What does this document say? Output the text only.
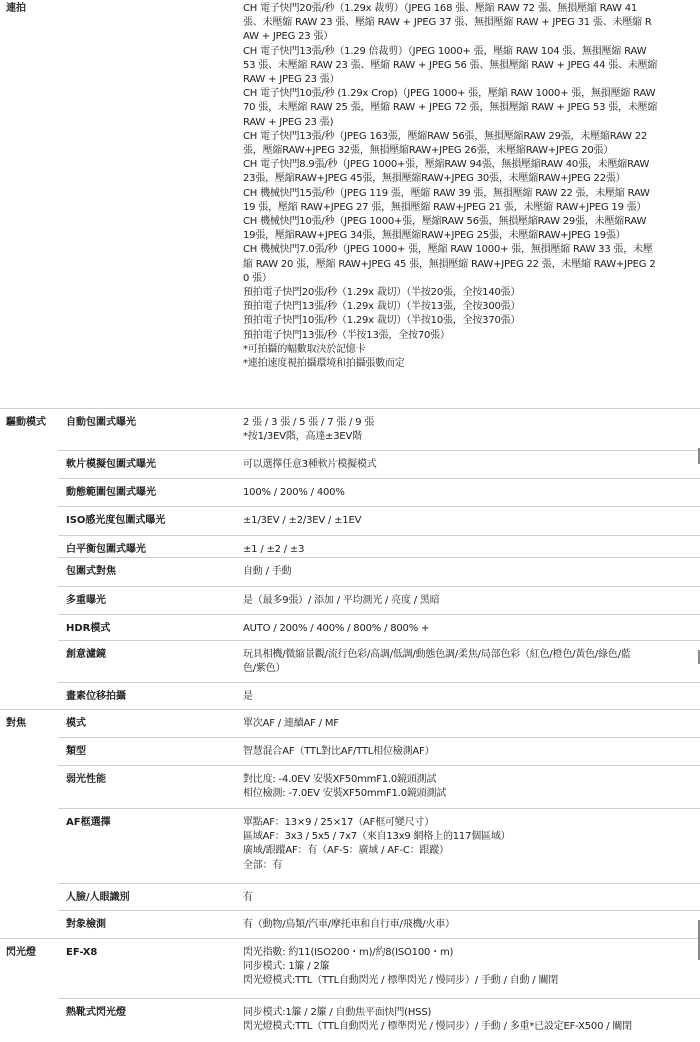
連拍	CH 電子快門20張/秒（1.29x 裁剪）（JPEG 168 張、壓縮 RAW 72 張、無損壓縮 RAW 41

張、未壓縮 RAW 23 張、壓縮 RAW + JPEG 37 張、無損壓縮 RAW + JPEG 31 張、未壓縮 R

AW + JPEG 23 張）

CH 電子快門13張/秒（1.29 倍裁剪）（JPEG 1000+ 張，壓縮 RAW 104 張、無損壓縮 RAW

53 張、未壓縮 RAW 23 張、壓縮 RAW + JPEG 56 張、無損壓縮 RAW + JPEG 44 張、未壓縮

RAW + JPEG 23 張）

CH 電子快門10張/秒 (1.29x Crop)（JPEG 1000+ 張，壓縮 RAW 1000+ 張，無損壓縮 RAW

70 張，未壓縮 RAW 25 張，壓縮 RAW + JPEG 72 張，無損壓縮 RAW + JPEG 53 張，未壓縮

RAW + JPEG 23 張)

CH 電子快門13張/秒（JPEG 163張，壓縮RAW 56張，無損壓縮RAW 29張，未壓縮RAW 22

張，壓縮RAW+JPEG 32張，無損壓縮RAW+JPEG 26張，未壓縮RAW+JPEG 20張）

CH 電子快門8.9張/秒（JPEG 1000+張，壓縮RAW 94張，無損壓縮RAW 40張，未壓縮RAW

23張，壓縮RAW+JPEG 45張，無損壓縮RAW+JPEG 30張，未壓縮RAW+JPEG 22張）

CH 機械快門15張/秒（JPEG 119 張，壓縮 RAW 39 張，無損壓縮 RAW 22 張，未壓縮 RAW

19 張，壓縮 RAW+JPEG 27 張，無損壓縮 RAW+JPEG 21 張，未壓縮 RAW+JPEG 19 張）

CH 機械快門10張/秒（JPEG 1000+張，壓縮RAW 56張，無損壓縮RAW 29張，未壓縮RAW

19張，壓縮RAW+JPEG 34張，無損壓縮RAW+JPEG 25張，未壓縮RAW+JPEG 19張）

CH 機械快門7.0張/秒（JPEG 1000+ 張，壓縮 RAW 1000+ 張，無損壓縮 RAW 33 張，未壓

縮 RAW 20 張，壓縮 RAW+JPEG 45 張，無損壓縮 RAW+JPEG 22 張，未壓縮 RAW+JPEG 2

0 張）

預拍電子快門20張/秒（1.29x 裁切）（半按20張，全按140張）

預拍電子快門13張/秒（1.29x 裁切）（半按13張，全按300張）

預拍電子快門10張/秒（1.29x 裁切）（半按10張，全按370張）

預拍電子快門13張/秒（半按13張，全按70張）

*可拍攝的幅數取決於記憶卡

*連拍速度視拍攝環境和拍攝張數而定

驅動模式	自動包圍式曝光	2 張 / 3 張 / 5 張 / 7 張 / 9 張

*按1/3EV階，高達±3EV階

軟片模擬包圍式曝光	可以選擇任意3種軟片模擬模式

動態範圍包圍式曝光	100% / 200% / 400%

ISO感光度包圍式曝光	±1/3EV / ±2/3EV / ±1EV

白平衡包圍式曝光	±1 / ±2 / ±3

包圍式對焦	自動 / 手動

多重曝光	是（最多9張）/ 添加 / 平均測光 / 亮度 / 黑暗

HDR模式	AUTO / 200% / 400% / 800% / 800% +

創意濾鏡	玩具相機/微縮景觀/流行色彩/高調/低調/動態色調/柔焦/局部色彩（紅色/橙色/黃色/綠色/藍

色/紫色）

畫素位移拍攝	是

對焦	模式	單次AF / 連續AF / MF

類型	智慧混合AF（TTL對比AF/TTL相位檢測AF）

弱光性能	對比度: -4.0EV 安裝XF50mmF1.0鏡頭測試

相位檢測: -7.0EV 安裝XF50mmF1.0鏡頭測試

AF框選擇	單點AF：13×9 / 25×17（AF框可變尺寸）

區域AF：3x3 / 5x5 / 7x7（來自13x9 網格上的117個區域）

廣域/跟蹤AF：有（AF-S：廣域 / AF-C：跟蹤）

全部：有

人臉/人眼識別	有

對象檢測	有（動物/鳥類/汽車/摩托車和自行車/飛機/火車）

閃光燈	EF-X8	閃光指數: 約11(ISO200・m)/約8(ISO100・m)

同步模式: 1簾 / 2簾

閃光燈模式:TTL（TTL自動閃光 / 標準閃光 / 慢同步）/ 手動 / 自動 / 關閉

熱靴式閃光燈	同步模式:1簾 / 2簾 / 自動焦平面快門(HSS)

閃光燈模式:TTL（TTL自動閃光 / 標準閃光 / 慢同步）/ 手動 / 多重*已設定EF-X500 / 關閉
